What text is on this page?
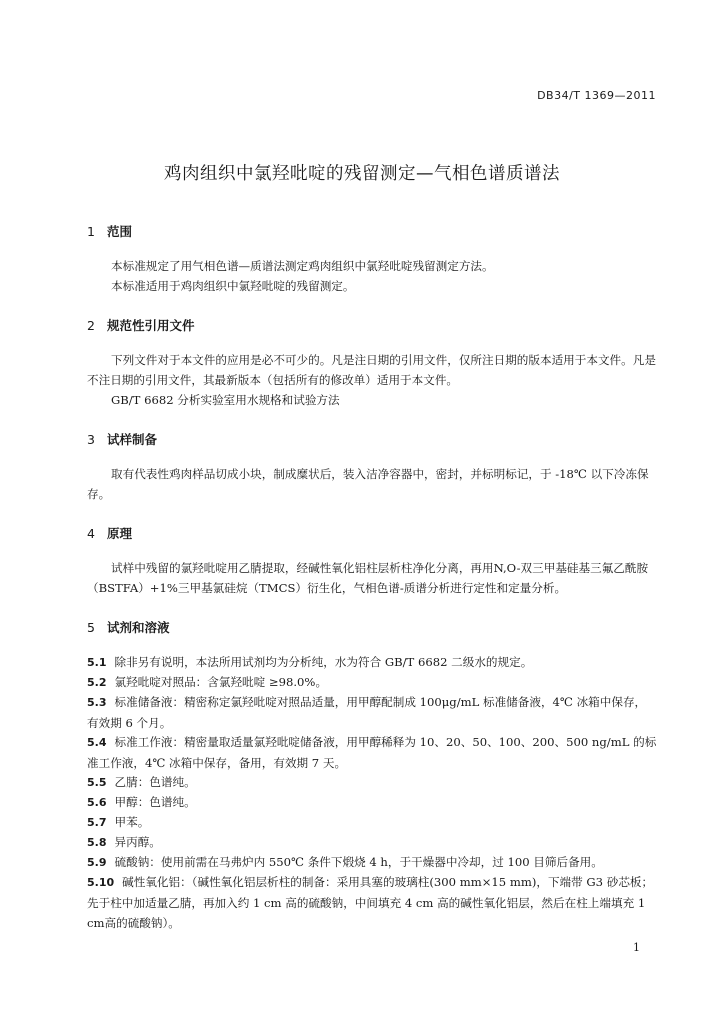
DB34/T 1369—2011
鸡肉组织中氯羟吡啶的残留测定—气相色谱质谱法
1 范围
本标准规定了用气相色谱—质谱法测定鸡肉组织中氯羟吡啶残留测定方法。
本标准适用于鸡肉组织中氯羟吡啶的残留测定。
2 规范性引用文件
下列文件对于本文件的应用是必不可少的。凡是注日期的引用文件，仅所注日期的版本适用于本文件。凡是不注日期的引用文件，其最新版本（包括所有的修改单）适用于本文件。
GB/T 6682 分析实验室用水规格和试验方法
3 试样制备
取有代表性鸡肉样品切成小块，制成糜状后，装入洁净容器中，密封，并标明标记，于 -18℃ 以下冷冻保存。
4 原理
试样中残留的氯羟吡啶用乙腈提取，经碱性氧化铝柱层析柱净化分离，再用N,O-双三甲基硅基三氟乙酰胺（BSTFA）+1%三甲基氯硅烷（TMCS）衍生化，气相色谱-质谱分析进行定性和定量分析。
5 试剂和溶液
5.1 除非另有说明，本法所用试剂均为分析纯，水为符合 GB/T 6682 二级水的规定。
5.2 氯羟吡啶对照品：含氯羟吡啶 ≥98.0%。
5.3 标准储备液：精密称定氯羟吡啶对照品适量，用甲醇配制成 100μg/mL 标准储备液，4℃ 冰箱中保存，有效期 6 个月。
5.4 标准工作液：精密量取适量氯羟吡啶储备液，用甲醇稀释为 10、20、50、100、200、500 ng/mL 的标准工作液，4℃ 冰箱中保存，备用，有效期 7 天。
5.5 乙腈：色谱纯。
5.6 甲醇：色谱纯。
5.7 甲苯。
5.8 异丙醇。
5.9 硫酸钠：使用前需在马弗炉内 550℃ 条件下煅烧 4 h，于干燥器中冷却，过 100 目筛后备用。
5.10 碱性氧化铝：（碱性氧化铝层析柱的制备：采用具塞的玻璃柱(300 mm×15 mm)，下端带 G3 砂芯板；先于柱中加适量乙腈，再加入约 1 cm 高的硫酸钠，中间填充 4 cm 高的碱性氧化铝层，然后在柱上端填充 1 cm高的硫酸钠）。
1
